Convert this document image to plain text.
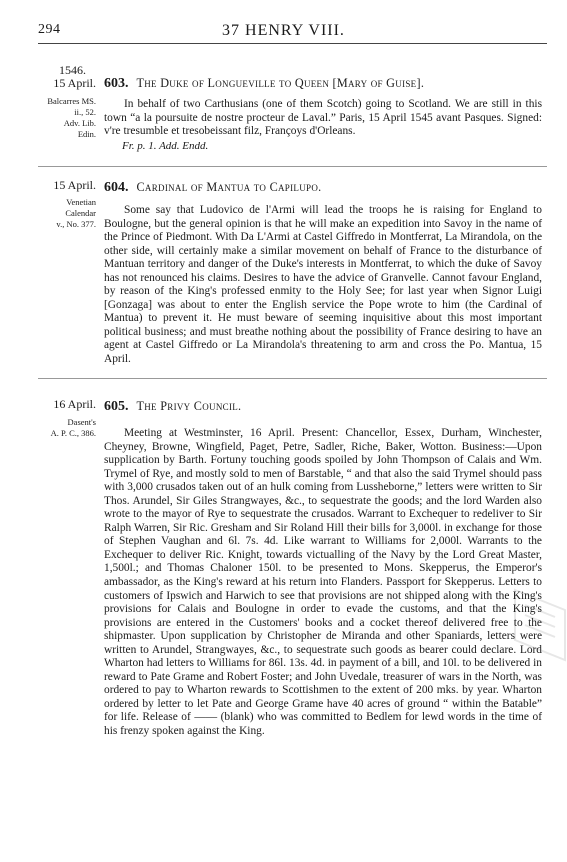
294	37 HENRY VIII.
1546.
15 April.
Balcarres MS.
ii., 52.
Adv. Lib.
Edin.
603. The Duke of Longueville to Queen [Mary of Guise].

In behalf of two Carthusians (one of them Scotch) going to Scotland. We are still in this town “a la poursuite de nostre procteur de Laval.” Paris, 15 April 1545 avant Pasques. Signed: v're tresumble et tresobeissant filz, Françoys d'Orleans.

Fr. p. 1. Add. Endd.

15 April.
Venetian
Calendar
v., No. 377.
604. Cardinal of Mantua to Capilupo.

Some say that Ludovico de l'Armi will lead the troops he is raising for England to Boulogne, but the general opinion is that he will make an expedition into Savoy in the name of the Prince of Piedmont. With Da L'Armi at Castel Giffredo in Montferrat, La Mirandola, on the other side, will certainly make a similar movement on behalf of France to the disturbance of Mantuan territory and danger of the Duke's interests in Montferrat, to which the duke of Savoy has not renounced his claims. Desires to have the advice of Granvelle. Cannot favour England, by reason of the King's professed enmity to the Holy See; for last year when Signor Luigi [Gonzaga] was about to enter the English service the Pope wrote to him (the Cardinal of Mantua) to prevent it. He must beware of seeming inquisitive about this most important political business; and must breathe nothing about the possibility of France desiring to have an agent at Castel Giffredo or La Mirandola's threatening to arm and cross the Po. Mantua, 15 April.

16 April.
Dasent's
A. P. C., 386.
605. The Privy Council.

Meeting at Westminster, 16 April. Present: Chancellor, Essex, Durham, Winchester, Cheyney, Browne, Wingfield, Paget, Petre, Sadler, Riche, Baker, Wotton. Business:—Upon supplication by Barth. Fortuny touching goods spoiled by John Thompson of Calais and Wm. Trymel of Rye, and mostly sold to men of Barstable, “ and that also the said Trymel should pass with 3,000 crusados taken out of an hulk coming from Lussheborne,” letters were written to Sir Thos. Arundel, Sir Giles Strangwayes, &c., to sequestrate the goods; and the lord Warden also wrote to the mayor of Rye to sequestrate the crusados. Warrant to Exchequer to redeliver to Sir Ralph Warren, Sir Ric. Gresham and Sir Roland Hill their bills for 3,000l. in exchange for those of Stephen Vaughan and 6l. 7s. 4d. Like warrant to Williams for 2,000l. Warrants to the Exchequer to deliver Ric. Knight, towards victualling of the Navy by the Lord Great Master, 1,500l.; and Thomas Chaloner 150l. to be presented to Mons. Skepperus, the Emperor's ambassador, as the King's reward at his return into Flanders. Passport for Skepperus. Letters to customers of Ipswich and Harwich to see that provisions are not shipped along with the King's provisions for Calais and Boulogne in order to evade the customs, and that the King's provisions are entered in the Customers' books and a cocket thereof delivered free to the shipmaster. Upon supplication by Christopher de Miranda and other Spaniards, letters were written to Arundel, Strangwayes, &c., to sequestrate such goods as bearer could declare. Lord Wharton had letters to Williams for 86l. 13s. 4d. in payment of a bill, and 10l. to be delivered in reward to Pate Grame and Robert Foster; and John Uvedale, treasurer of wars in the North, was ordered to pay to Wharton rewards to Scottishmen to the extent of 200 mks. by year. Wharton ordered by letter to let Pate and George Grame have 40 acres of ground “ within the Batable” for life. Release of —— (blank) who was committed to Bedlem for lewd words in the time of his frenzy spoken against the King.
